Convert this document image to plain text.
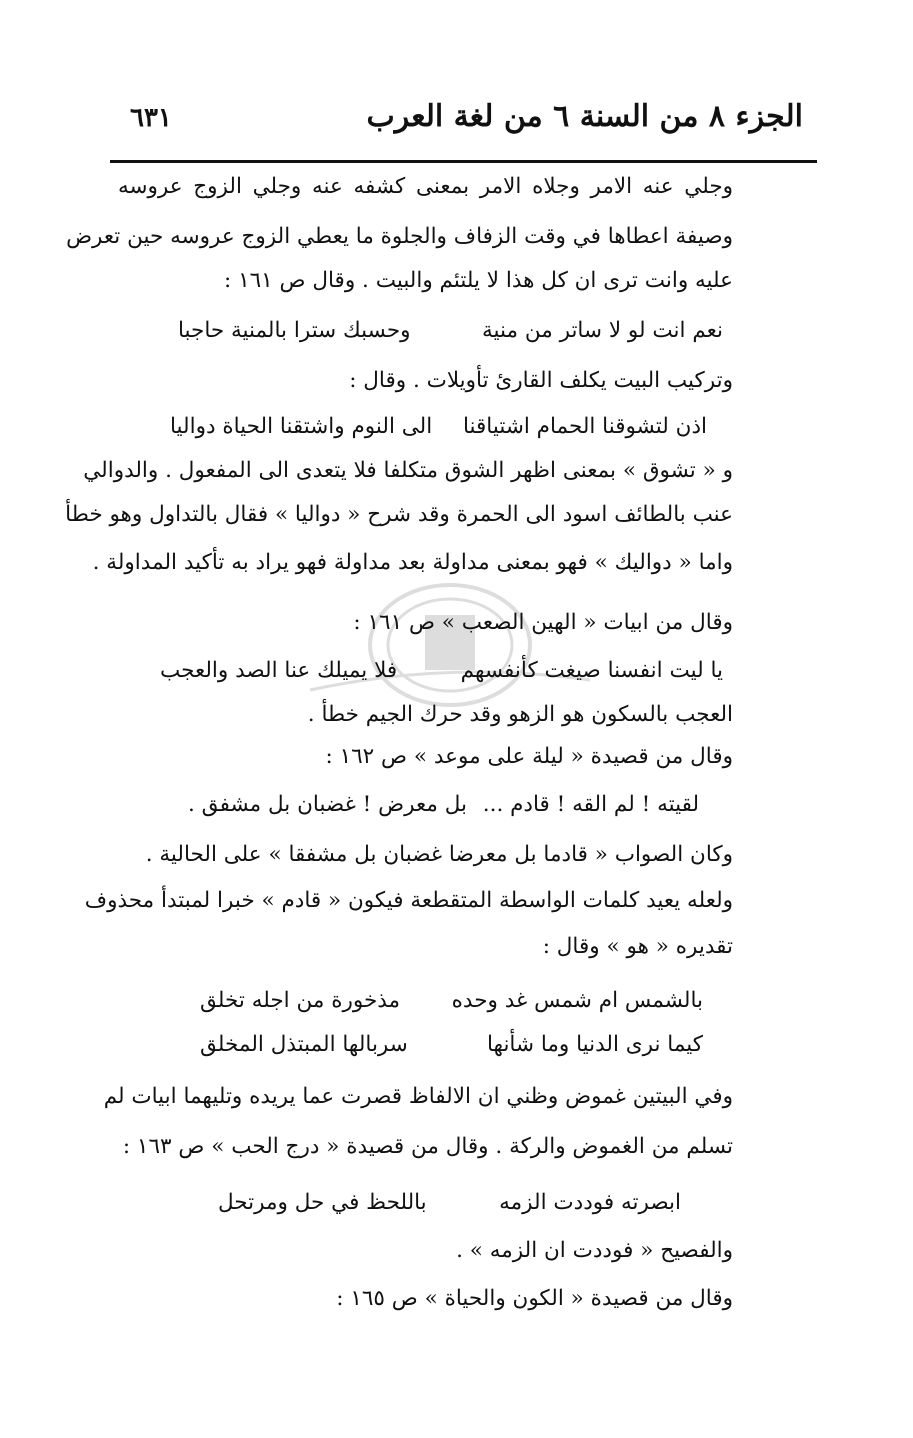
الجزء ٨ من السنة ٦ من لغة العرب
٦٣١
وجلي عنه الامر وجلاه الامر بمعنى كشفه عنه وجلي الزوج عروسه
وصيفة اعطاها في وقت الزفاف والجلوة ما يعطي الزوج عروسه حين تعرض
عليه وانت ترى ان كل هذا لا يلتئم والبيت . وقال ص ١٦١ :
نعم انت لو لا ساتر من منية
وحسبك سترا بالمنية حاجبا
وتركيب البيت يكلف القارئ تأويلات . وقال :
اذن لتشوقنا الحمام اشتياقنا
الى النوم واشتقنا الحياة دواليا
و « تشوق » بمعنى اظهر الشوق متكلفا فلا يتعدى الى المفعول . والدوالي
عنب بالطائف اسود الى الحمرة وقد شرح « دواليا » فقال بالتداول وهو خطأ
واما « دواليك » فهو بمعنى مداولة بعد مداولة فهو يراد به تأكيد المداولة .
وقال من ابيات « الهين الصعب » ص ١٦١ :
يا ليت انفسنا صيغت كأنفسهم
فلا يميلك عنا الصد والعجب
العجب بالسكون هو الزهو وقد حرك الجيم خطأ .
وقال من قصيدة « ليلة على موعد » ص ١٦٢ :
لقيته ! لم القه ! قادم ...
بل معرض ! غضبان بل مشفق .
وكان الصواب « قادما بل معرضا غضبان بل مشفقا » على الحالية .
ولعله يعيد كلمات الواسطة المتقطعة فيكون « قادم » خبرا لمبتدأ محذوف
تقديره « هو » وقال :
بالشمس ام شمس غد وحده
مذخورة من اجله تخلق
كيما نرى الدنيا وما شأنها
سربالها المبتذل المخلق
وفي البيتين غموض وظني ان الالفاظ قصرت عما يريده وتليهما ابيات لم
تسلم من الغموض والركة . وقال من قصيدة « درج الحب » ص ١٦٣ :
ابصرته فوددت الزمه
باللحظ في حل ومرتحل
والفصيح « فوددت ان الزمه » .
وقال من قصيدة « الكون والحياة » ص ١٦٥ :
